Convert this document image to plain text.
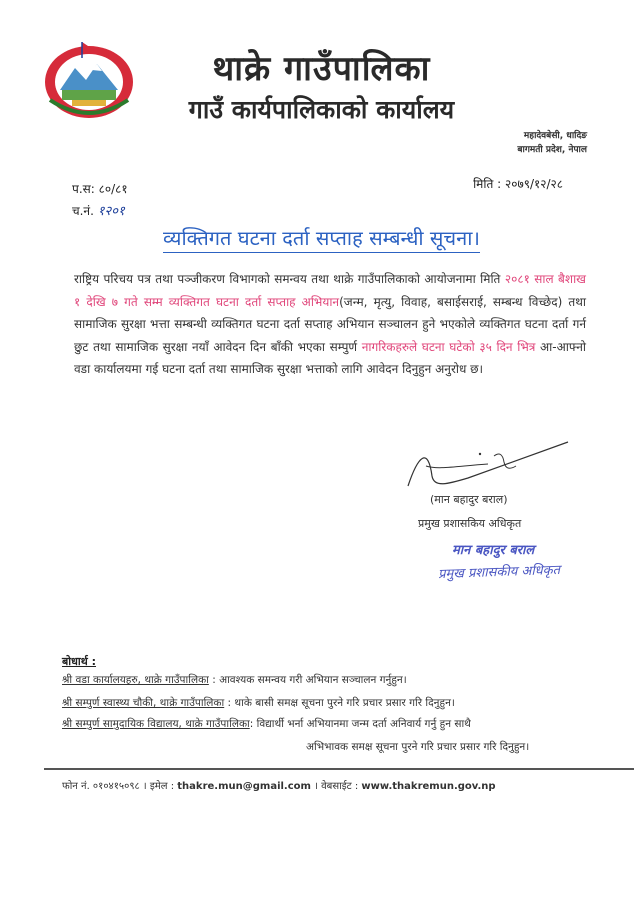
थाक्रे गाउँपालिका
गाउँ कार्यपालिकाको कार्यालय
महादेवबेसी, धादिङ
बागमती प्रदेश, नेपाल
प.स: ८०/८१
च.नं. १२०१
मिति : २०७९/१२/२८
व्यक्तिगत घटना दर्ता सप्ताह सम्बन्धी सूचना।
राष्ट्रिय परिचय पत्र तथा पञ्जीकरण विभागको समन्वय तथा थाक्रे गाउँपालिकाको आयोजनामा मिति २०८१ साल बैशाख १ देखि ७ गते सम्म व्यक्तिगत घटना दर्ता सप्ताह अभियान(जन्म, मृत्यु, विवाह, बसाईसराई, सम्बन्ध विच्छेद) तथा सामाजिक सुरक्षा भत्ता सम्बन्धी व्यक्तिगत घटना दर्ता सप्ताह अभियान सञ्चालन हुने भएकोले व्यक्तिगत घटना दर्ता गर्न छुट तथा सामाजिक सुरक्षा नयाँ आवेदन दिन बाँकी भएका सम्पुर्ण नागरिकहरुले घटना घटेको ३५ दिन भित्र आ-आफ्नो वडा कार्यालयमा गई घटना दर्ता तथा सामाजिक सुरक्षा भत्ताको लागि आवेदन दिनुहुन अनुरोध छ।
(मान बहादुर बराल)
प्रमुख प्रशासकिय अधिकृत
मान बहादुर बराल
प्रमुख प्रशासकीय अधिकृत
बोधार्थ :
श्री वडा कार्यालयहरु, थाक्रे गाउँपालिका : आवश्यक समन्वय गरी अभियान सञ्चालन गर्नुहुन।
श्री सम्पुर्ण स्वास्थ्य चौकी, थाक्रे गाउँपालिका : थाके बासी समक्ष सूचना पुरने गरि प्रचार प्रसार गरि दिनुहुन।
श्री सम्पुर्ण सामुदायिक विद्यालय, थाक्रे गाउँपालिका: विद्यार्थी भर्ना अभियानमा जन्म दर्ता अनिवार्य गर्नु हुन साथै
अभिभावक समक्ष सूचना पुरने गरि प्रचार प्रसार गरि दिनुहुन।
फोन नं. ०१०४१५०९८ । इमेल : thakre.mun@gmail.com । वेबसाईट : www.thakremun.gov.np
